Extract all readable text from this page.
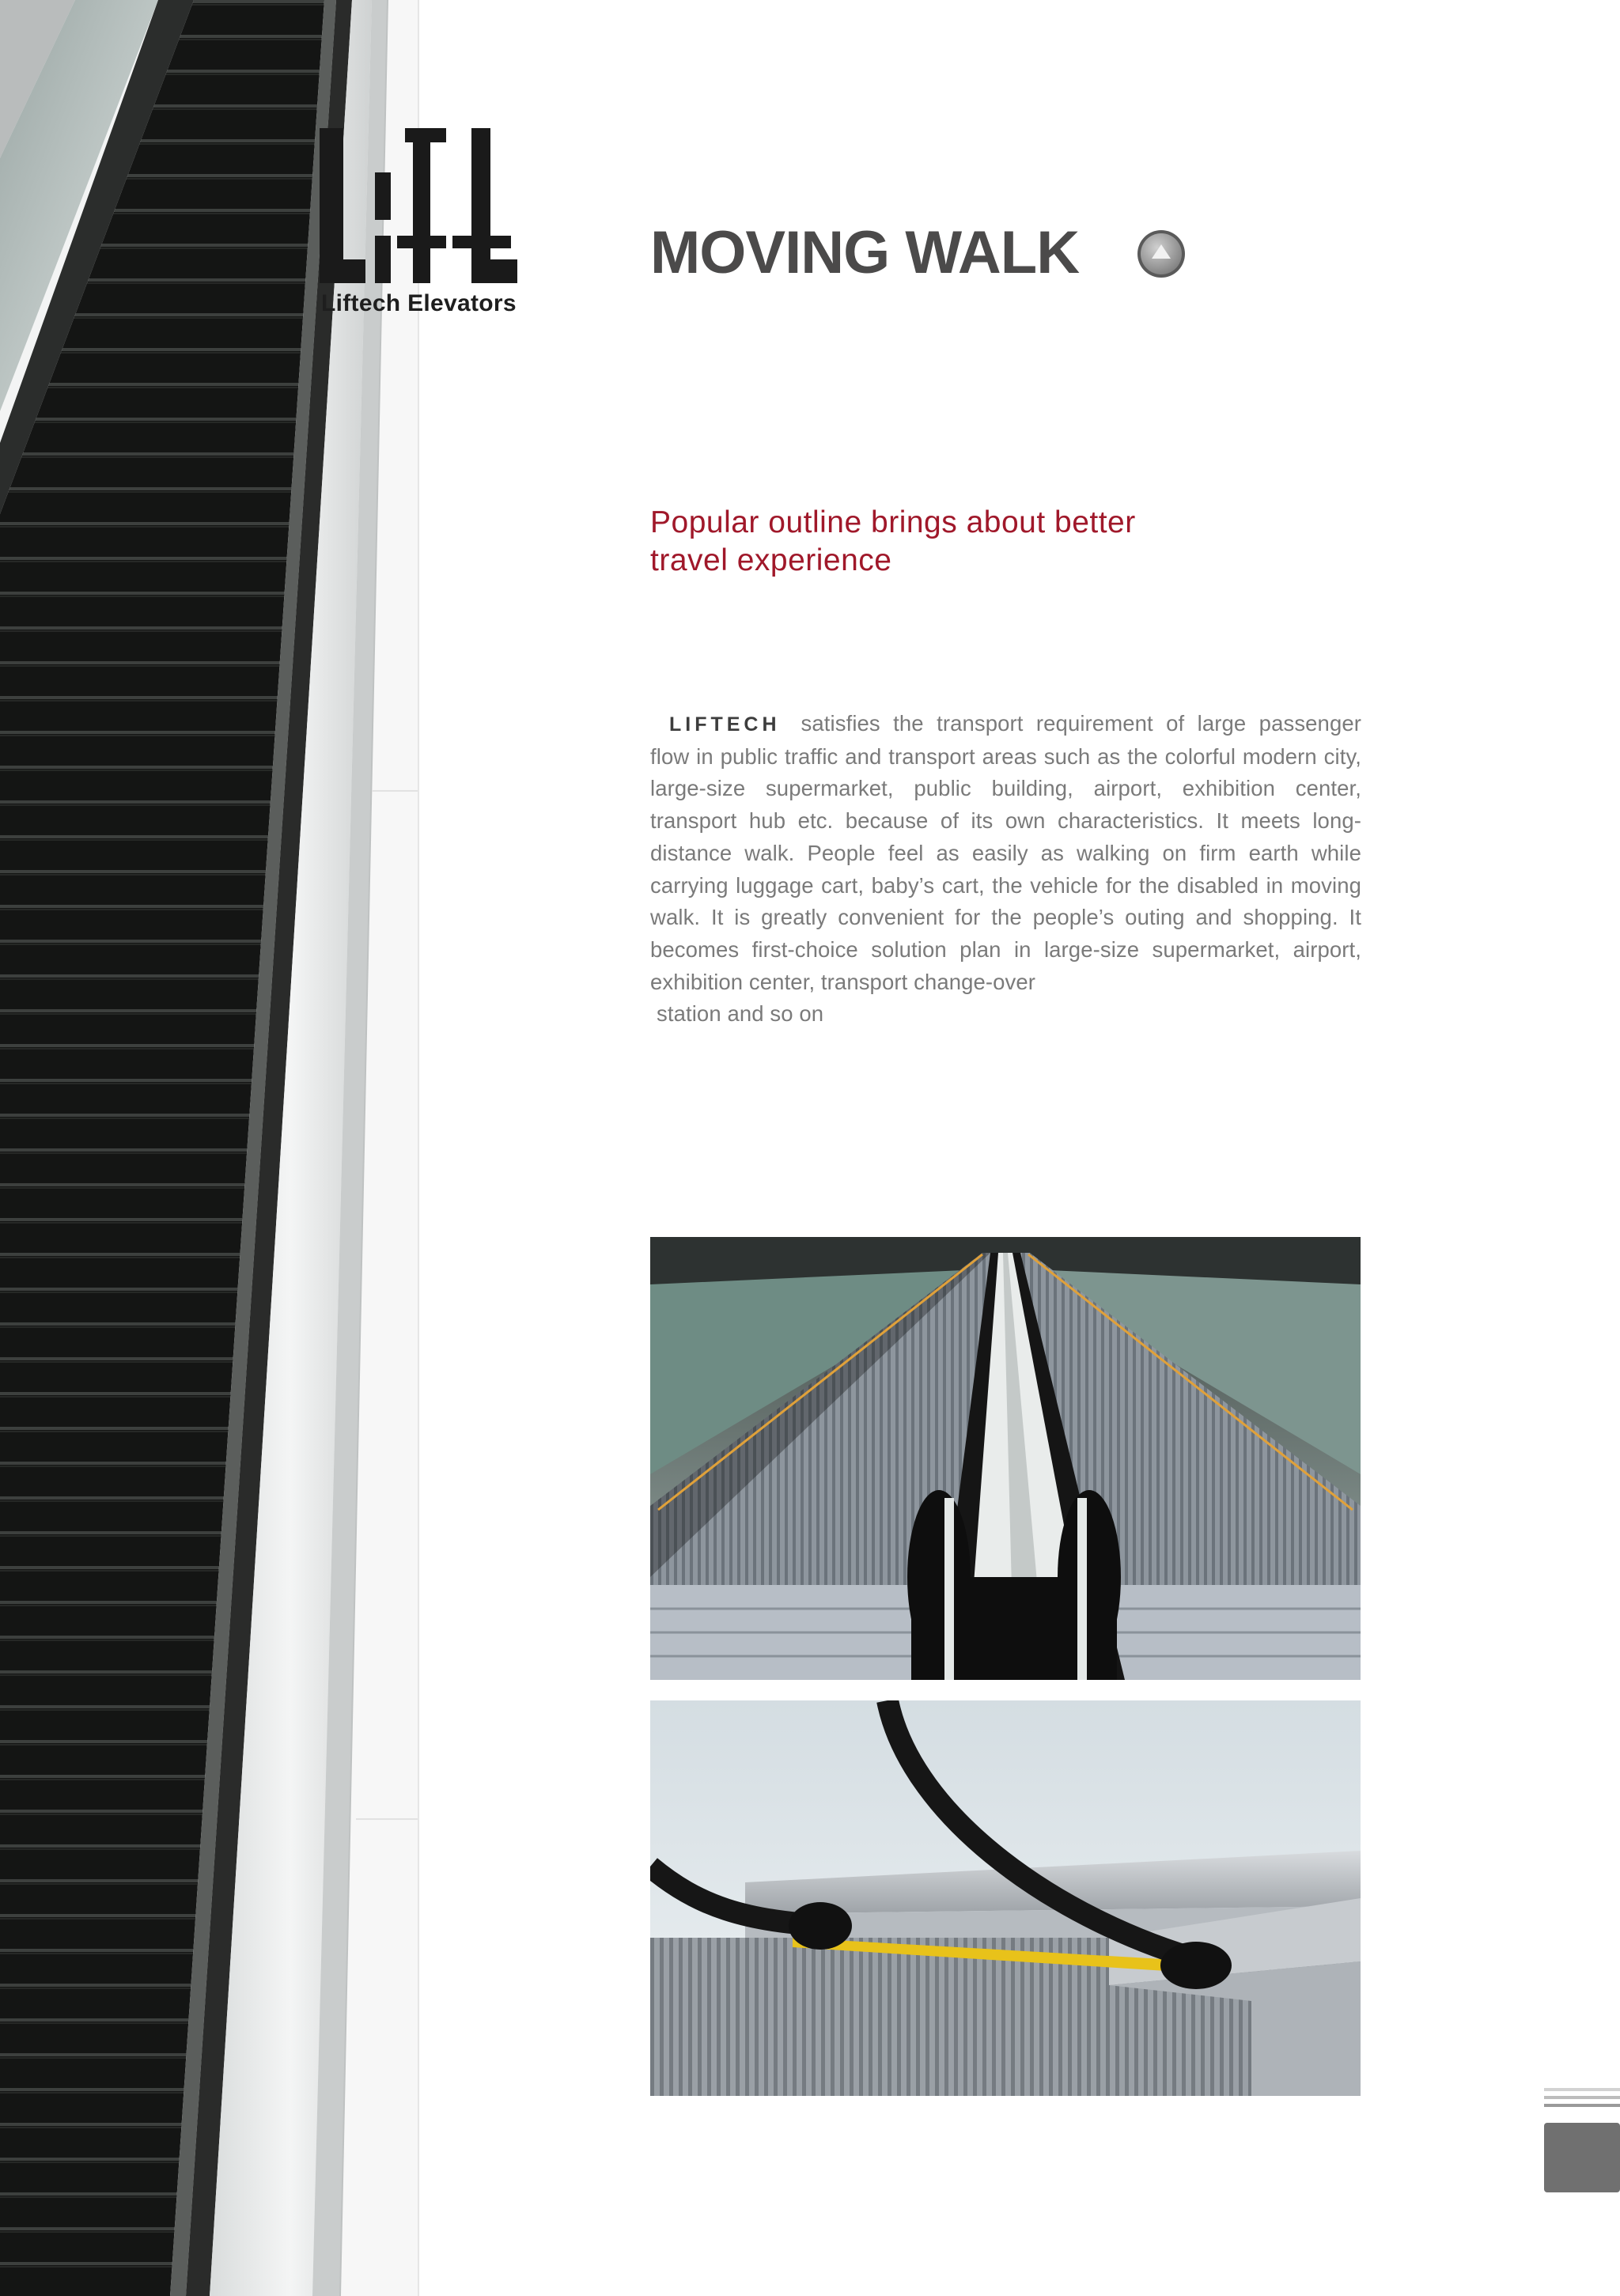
Liftech Elevators
MOVING WALK
Popular outline brings about better
travel experience
LIFTECH satisfies the transport requirement of large passenger flow in public traffic and transport areas such as the colorful modern city, large-size supermarket, public building, airport, exhibition center, transport hub etc. because of its own characteristics. It meets long-distance walk. People feel as easily as walking on firm earth while carrying luggage cart, baby’s cart, the vehicle for the disabled in moving walk. It is greatly convenient for the people’s outing and shopping. It becomes first-choice solution plan in large-size supermarket, airport, exhibition center, transport change-over
station and so on
